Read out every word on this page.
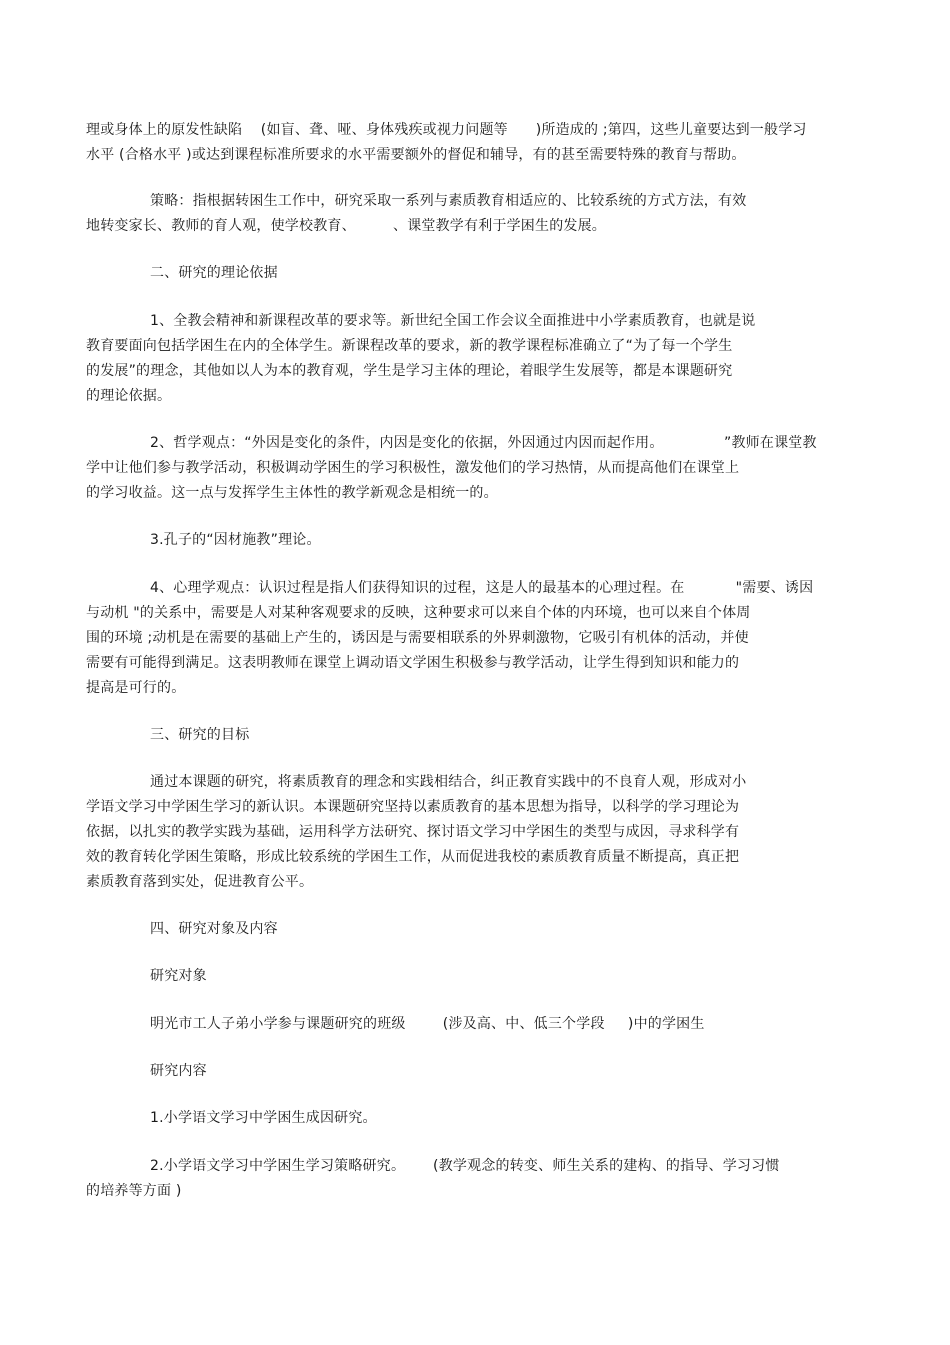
理或身体上的原发性缺陷    (如盲、聋、哑、身体残疾或视力问题等      )所造成的 ;第四，这些儿童要达到一般学习
水平 (合格水平 )或达到课程标准所要求的水平需要额外的督促和辅导，有的甚至需要特殊的教育与帮助。
策略：指根据转困生工作中，研究采取一系列与素质教育相适应的、比较系统的方式方法，有效
地转变家长、教师的育人观，使学校教育、        、课堂教学有利于学困生的发展。
二、研究的理论依据
1、全教会精神和新课程改革的要求等。新世纪全国工作会议全面推进中小学素质教育，也就是说
教育要面向包括学困生在内的全体学生。新课程改革的要求，新的教学课程标准确立了“为了每一个学生
的发展”的理念，其他如以人为本的教育观，学生是学习主体的理论，着眼学生发展等，都是本课题研究
的理论依据。
2、哲学观点：“外因是变化的条件，内因是变化的依据，外因通过内因而起作用。             ”教师在课堂教
学中让他们参与教学活动，积极调动学困生的学习积极性，激发他们的学习热情，从而提高他们在课堂上
的学习收益。这一点与发挥学生主体性的教学新观念是相统一的。
3.孔子的“因材施教”理论。
4、心理学观点：认识过程是指人们获得知识的过程，这是人的最基本的心理过程。在           "需要、诱因
与动机 "的关系中，需要是人对某种客观要求的反映，这种要求可以来自个体的内环境，也可以来自个体周
围的环境 ;动机是在需要的基础上产生的，诱因是与需要相联系的外界刺激物，它吸引有机体的活动，并使
需要有可能得到满足。这表明教师在课堂上调动语文学困生积极参与教学活动，让学生得到知识和能力的
提高是可行的。
三、研究的目标
通过本课题的研究，将素质教育的理念和实践相结合，纠正教育实践中的不良育人观，形成对小
学语文学习中学困生学习的新认识。本课题研究坚持以素质教育的基本思想为指导，以科学的学习理论为
依据，以扎实的教学实践为基础，运用科学方法研究、探讨语文学习中学困生的类型与成因，寻求科学有
效的教育转化学困生策略，形成比较系统的学困生工作，从而促进我校的素质教育质量不断提高，真正把
素质教育落到实处，促进教育公平。
四、研究对象及内容
研究对象
明光市工人子弟小学参与课题研究的班级        (涉及高、中、低三个学段     )中的学困生
研究内容
1.小学语文学习中学困生成因研究。
2.小学语文学习中学困生学习策略研究。      (教学观念的转变、师生关系的建构、的指导、学习习惯
的培养等方面 )
